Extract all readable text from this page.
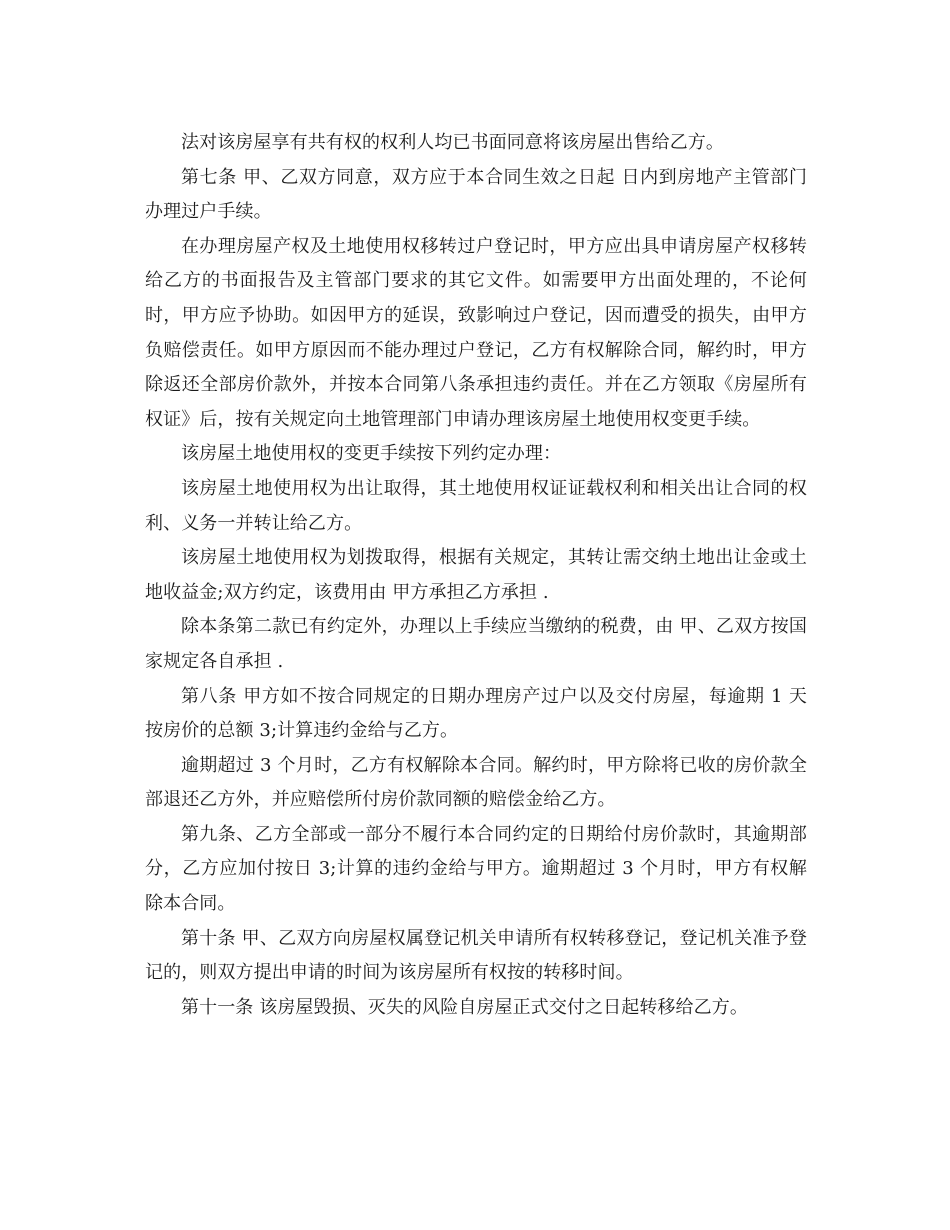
法对该房屋享有共有权的权利人均已书面同意将该房屋出售给乙方。

第七条 甲、乙双方同意，双方应于本合同生效之日起 日内到房地产主管部门办理过户手续。

在办理房屋产权及土地使用权移转过户登记时，甲方应出具申请房屋产权移转给乙方的书面报告及主管部门要求的其它文件。如需要甲方出面处理的，不论何时，甲方应予协助。如因甲方的延误，致影响过户登记，因而遭受的损失，由甲方负赔偿责任。如甲方原因而不能办理过户登记，乙方有权解除合同，解约时，甲方除返还全部房价款外，并按本合同第八条承担违约责任。并在乙方领取《房屋所有权证》后，按有关规定向土地管理部门申请办理该房屋土地使用权变更手续。

该房屋土地使用权的变更手续按下列约定办理：

该房屋土地使用权为出让取得，其土地使用权证证载权利和相关出让合同的权利、义务一并转让给乙方。

该房屋土地使用权为划拨取得，根据有关规定，其转让需交纳土地出让金或土地收益金;双方约定，该费用由 甲方承担乙方承担 .

除本条第二款已有约定外，办理以上手续应当缴纳的税费，由 甲、乙双方按国家规定各自承担 .

第八条 甲方如不按合同规定的日期办理房产过户以及交付房屋，每逾期 1 天按房价的总额 3;计算违约金给与乙方。

逾期超过 3 个月时，乙方有权解除本合同。解约时，甲方除将已收的房价款全部退还乙方外，并应赔偿所付房价款同额的赔偿金给乙方。

第九条、乙方全部或一部分不履行本合同约定的日期给付房价款时，其逾期部分，乙方应加付按日 3;计算的违约金给与甲方。逾期超过 3 个月时，甲方有权解除本合同。

第十条 甲、乙双方向房屋权属登记机关申请所有权转移登记，登记机关准予登记的，则双方提出申请的时间为该房屋所有权按的转移时间。

第十一条 该房屋毁损、灭失的风险自房屋正式交付之日起转移给乙方。
